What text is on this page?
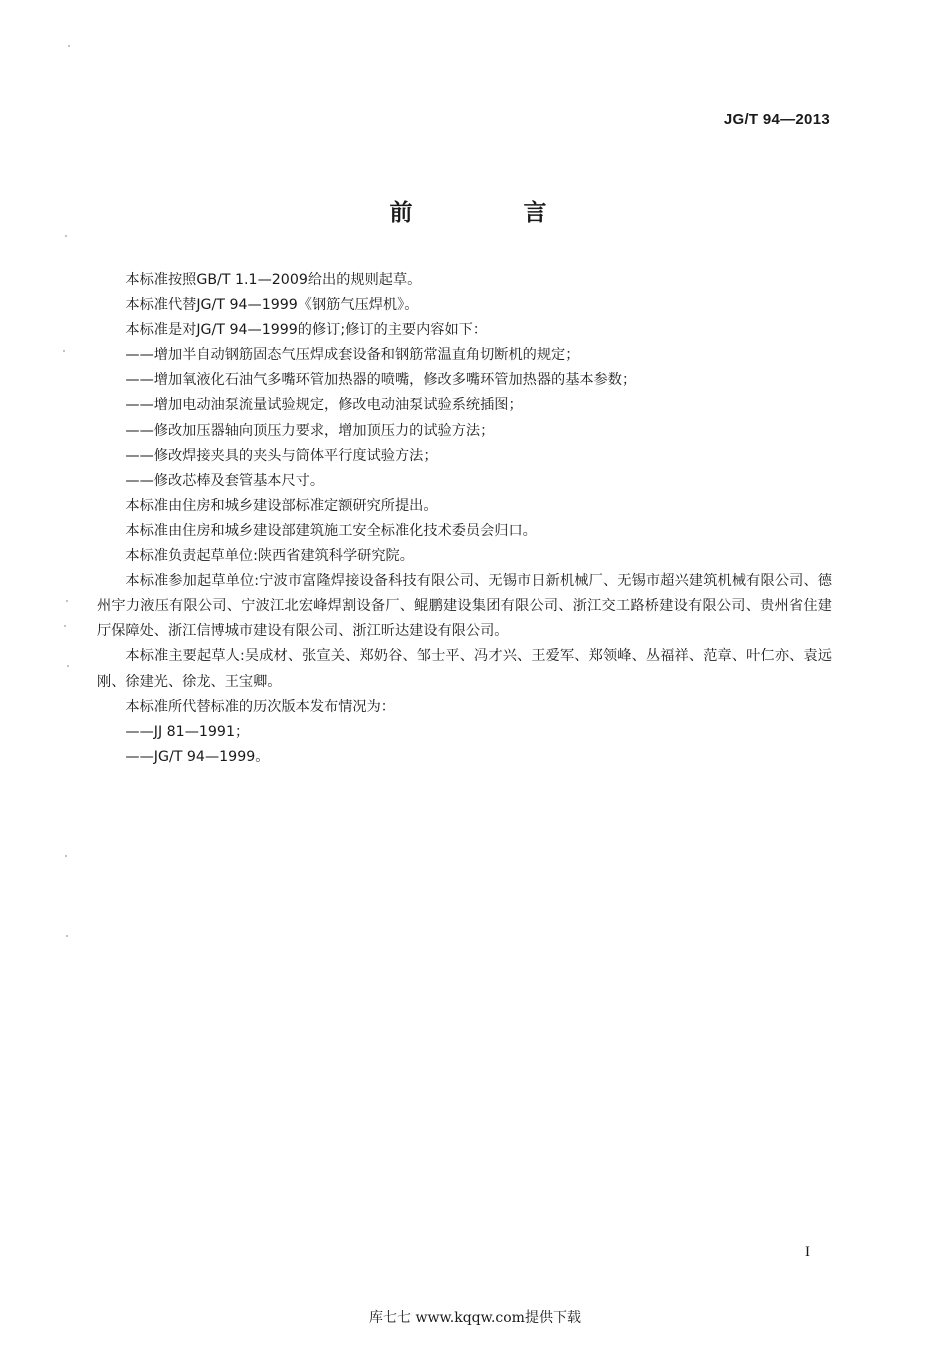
JG/T 94—2013
前　言

本标准按照GB/T 1.1—2009给出的规则起草。

本标准代替JG/T 94—1999《钢筋气压焊机》。

本标准是对JG/T 94—1999的修订;修订的主要内容如下：

——增加半自动钢筋固态气压焊成套设备和钢筋常温直角切断机的规定；

——增加氧液化石油气多嘴环管加热器的喷嘴，修改多嘴环管加热器的基本参数；

——增加电动油泵流量试验规定，修改电动油泵试验系统插图；

——修改加压器轴向顶压力要求，增加顶压力的试验方法；

——修改焊接夹具的夹头与筒体平行度试验方法；

——修改芯棒及套管基本尺寸。

本标准由住房和城乡建设部标准定额研究所提出。

本标准由住房和城乡建设部建筑施工安全标准化技术委员会归口。

本标准负责起草单位:陕西省建筑科学研究院。

本标准参加起草单位:宁波市富隆焊接设备科技有限公司、无锡市日新机械厂、无锡市超兴建筑机械有限公司、德州宇力液压有限公司、宁波江北宏峰焊割设备厂、鲲鹏建设集团有限公司、浙江交工路桥建设有限公司、贵州省住建厅保障处、浙江信博城市建设有限公司、浙江昕达建设有限公司。

本标准主要起草人:吴成材、张宣关、郑奶谷、邹士平、冯才兴、王爱军、郑领峰、丛福祥、范章、叶仁亦、袁远刚、徐建光、徐龙、王宝卿。

本标准所代替标准的历次版本发布情况为：

——JJ 81—1991；

——JG/T 94—1999。

I
库七七 www.kqqw.com提供下载
